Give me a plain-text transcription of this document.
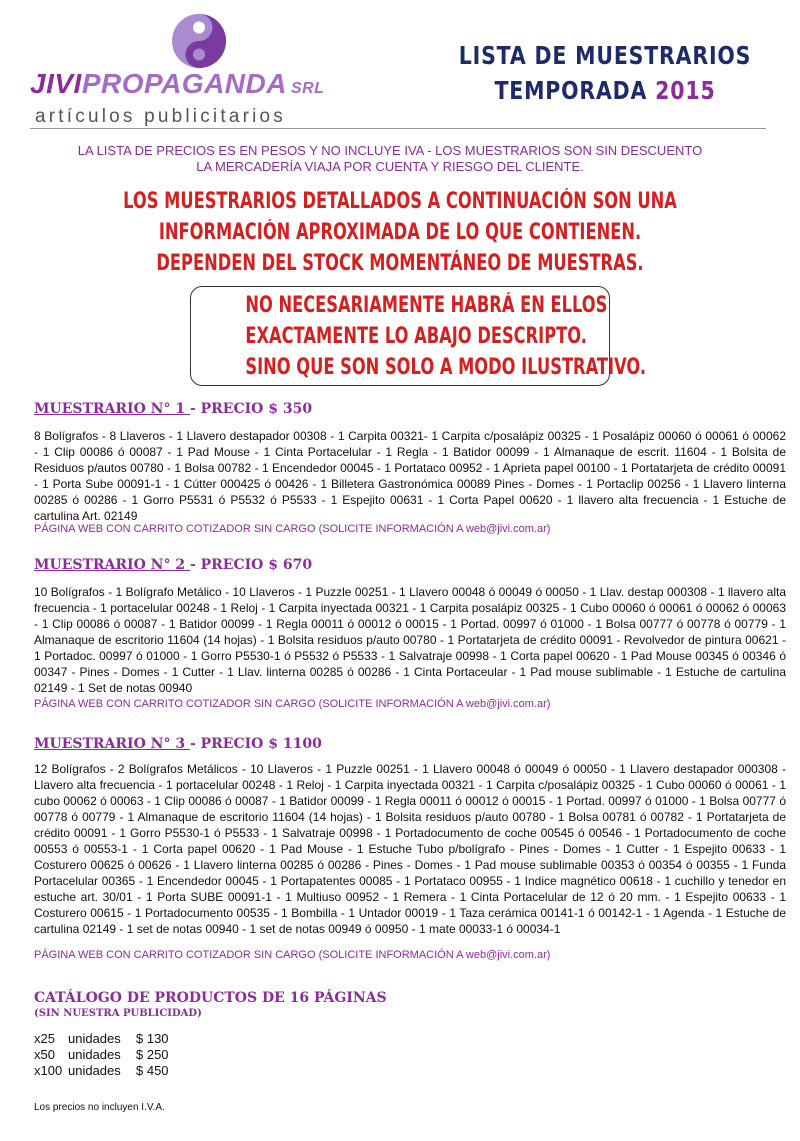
JIVIPROPAGANDA SRL
artículos publicitarios
LISTA DE MUESTRARIOS
TEMPORADA 2015
LA LISTA DE PRECIOS ES EN PESOS Y NO INCLUYE IVA - LOS MUESTRARIOS SON SIN DESCUENTO
LA MERCADERÍA VIAJA POR CUENTA Y RIESGO DEL CLIENTE.
LOS MUESTRARIOS DETALLADOS A CONTINUACIÓN SON UNA
INFORMACIÓN APROXIMADA DE LO QUE CONTIENEN.
DEPENDEN DEL STOCK MOMENTÁNEO DE MUESTRAS.
NO NECESARIAMENTE HABRÁ EN ELLOS
EXACTAMENTE LO ABAJO DESCRIPTO.
SINO QUE SON SOLO A MODO ILUSTRATIVO.
MUESTRARIO N° 1 - PRECIO $ 350
8 Bolígrafos - 8 Llaveros - 1 Llavero destapador 00308 - 1 Carpita 00321- 1 Carpita c/posalápiz 00325 - 1 Posalápiz 00060 ó 00061 ó 00062 - 1 Clip 00086 ó 00087 - 1 Pad Mouse - 1 Cinta Portacelular - 1 Regla - 1 Batidor 00099 - 1 Almanaque de escrit. 11604 - 1 Bolsita de Residuos p/autos 00780 - 1 Bolsa 00782 - 1 Encendedor 00045 - 1 Portataco 00952 - 1 Aprieta papel 00100 - 1 Portatarjeta de crédito 00091 - 1 Porta Sube 00091-1 - 1 Cútter 000425 ó 00426 - 1 Billetera Gastronómica 00089 Pines - Domes - 1 Portaclip 00256 - 1 Llavero linterna 00285 ó 00286 - 1 Gorro P5531 ó P5532 ó P5533 - 1 Espejito 00631 - 1 Corta Papel 00620 - 1 llavero alta frecuencia - 1 Estuche de cartulina Art. 02149
PÁGINA WEB CON CARRITO COTIZADOR SIN CARGO (SOLICITE INFORMACIÓN A web@jivi.com.ar)
MUESTRARIO N° 2 - PRECIO $ 670
10 Bolígrafos - 1 Bolígrafo Metálico - 10 Llaveros - 1 Puzzle 00251 - 1 Llavero 00048 ó 00049 ó 00050 - 1 Llav. destap 000308 - 1 llavero alta frecuencia - 1 portacelular 00248 - 1 Reloj - 1 Carpita inyectada 00321 - 1 Carpita posalápiz 00325 - 1 Cubo 00060 ó 00061 ó 00062 ó 00063 - 1 Clip 00086 ó 00087 - 1 Batidor 00099 - 1 Regla 00011 ó 00012 ó 00015 - 1 Portad. 00997 ó 01000 - 1 Bolsa 00777 ó 00778 ó 00779 - 1 Almanaque de escritorio 11604 (14 hojas) - 1 Bolsita residuos p/auto 00780 - 1 Portatarjeta de crédito 00091 - Revolvedor de pintura 00621 - 1 Portadoc. 00997 ó 01000 - 1 Gorro P5530-1 ó P5532 ó P5533 - 1 Salvatraje 00998 - 1 Corta papel 00620 - 1 Pad Mouse 00345 ó 00346 ó 00347 - Pines - Domes - 1 Cutter - 1 Llav. linterna 00285 ó 00286 - 1 Cinta Portaceular - 1 Pad mouse sublimable - 1 Estuche de cartulina 02149 - 1 Set de notas 00940
PÁGINA WEB CON CARRITO COTIZADOR SIN CARGO (SOLICITE INFORMACIÓN A web@jivi.com.ar)
MUESTRARIO N° 3 - PRECIO $ 1100
12 Bolígrafos - 2 Bolígrafos Metálicos - 10 Llaveros - 1 Puzzle 00251 - 1 Llavero 00048 ó 00049 ó 00050 - 1 Llavero destapador 000308 - Llavero alta frecuencia - 1 portacelular 00248 - 1 Reloj - 1 Carpita inyectada 00321 - 1 Carpita c/posalápiz 00325 - 1 Cubo 00060 ó 00061 - 1 cubo 00062 ó 00063 - 1 Clip 00086 ó 00087 - 1 Batidor 00099 - 1 Regla 00011 ó 00012 ó 00015 - 1 Portad. 00997 ó 01000 - 1 Bolsa 00777 ó 00778 ó 00779 - 1 Almanaque de escritorio 11604 (14 hojas) - 1 Bolsita residuos p/auto 00780 - 1 Bolsa 00781 ó 00782 - 1 Portatarjeta de crédito 00091 - 1 Gorro P5530-1 ó P5533 - 1 Salvatraje 00998 - 1 Portadocumento de coche 00545 ó 00546 - 1 Portadocumento de coche 00553 ó 00553-1 - 1 Corta papel 00620 - 1 Pad Mouse - 1 Estuche Tubo p/bolígrafo - Pines - Domes - 1 Cutter - 1 Espejito 00633 - 1 Costurero 00625 ó 00626 - 1 Llavero linterna 00285 ó 00286 - Pines - Domes - 1 Pad mouse sublimable 00353 ó 00354 ó 00355 - 1 Funda Portacelular 00365 - 1 Encendedor 00045 - 1 Portapatentes 00085 - 1 Portataco 00955 - 1 Indice magnético 00618 - 1 cuchillo y tenedor en estuche art. 30/01 - 1 Porta SUBE 00091-1 - 1 Multiuso 00952 - 1 Remera - 1 Cinta Portacelular de 12 ó 20 mm. - 1 Espejito 00633 - 1 Costurero 00615 - 1 Portadocumento 00535 - 1 Bombilla - 1 Untador 00019 - 1 Taza cerámica 00141-1 ó 00142-1 - 1 Agenda - 1 Estuche de cartulina 02149 - 1 set de notas 00940 - 1 set de notas 00949 ó 00950 - 1 mate 00033-1 ó 00034-1
PÁGINA WEB CON CARRITO COTIZADOR SIN CARGO (SOLICITE INFORMACIÓN A web@jivi.com.ar)
CATÁLOGO DE PRODUCTOS DE 16 PÁGINAS
(SIN NUESTRA PUBLICIDAD)
x25	unidades	$ 130
x50	unidades	$ 250
x100 unidades	$ 450
Los precios no incluyen I.V.A.
